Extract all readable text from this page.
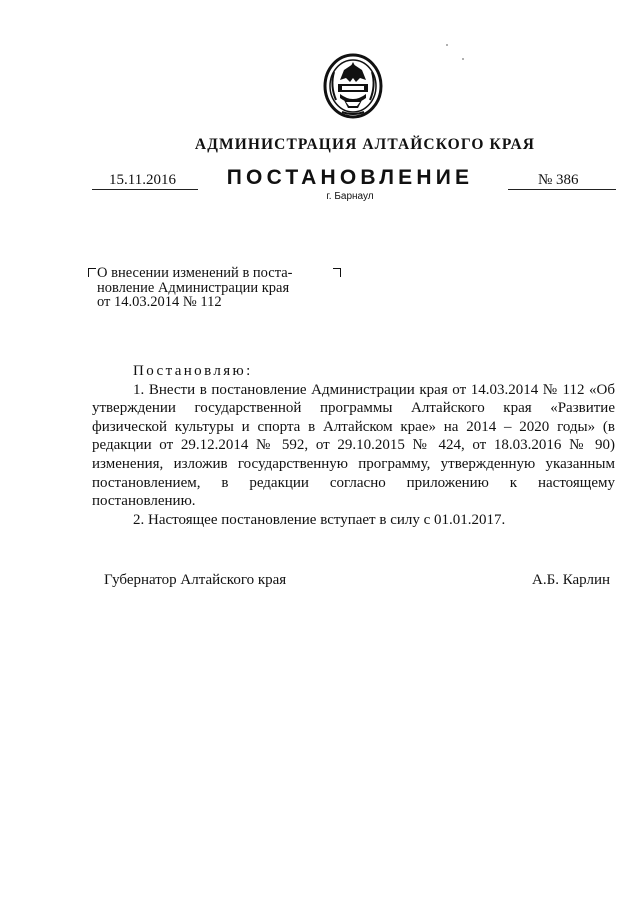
АДМИНИСТРАЦИЯ АЛТАЙСКОГО КРАЯ
15.11.2016	ПОСТАНОВЛЕНИЕ	№ 386
г. Барнаул
О внесении изменений в поста-
новление Администрации края
от 14.03.2014 № 112
Постановляю:

1. Внести в постановление Администрации края от 14.03.2014 № 112 «Об утверждении государственной программы Алтайского края «Развитие физической культуры и спорта в Алтайском крае» на 2014 – 2020 годы» (в редакции от 29.12.2014 № 592, от 29.10.2015 № 424, от 18.03.2016 № 90) изменения, изложив государственную программу, утвержденную указанным постановлением, в редакции согласно приложению к настоящему постановлению.

2. Настоящее постановление вступает в силу с 01.01.2017.

Губернатор Алтайского края	А.Б. Карлин
